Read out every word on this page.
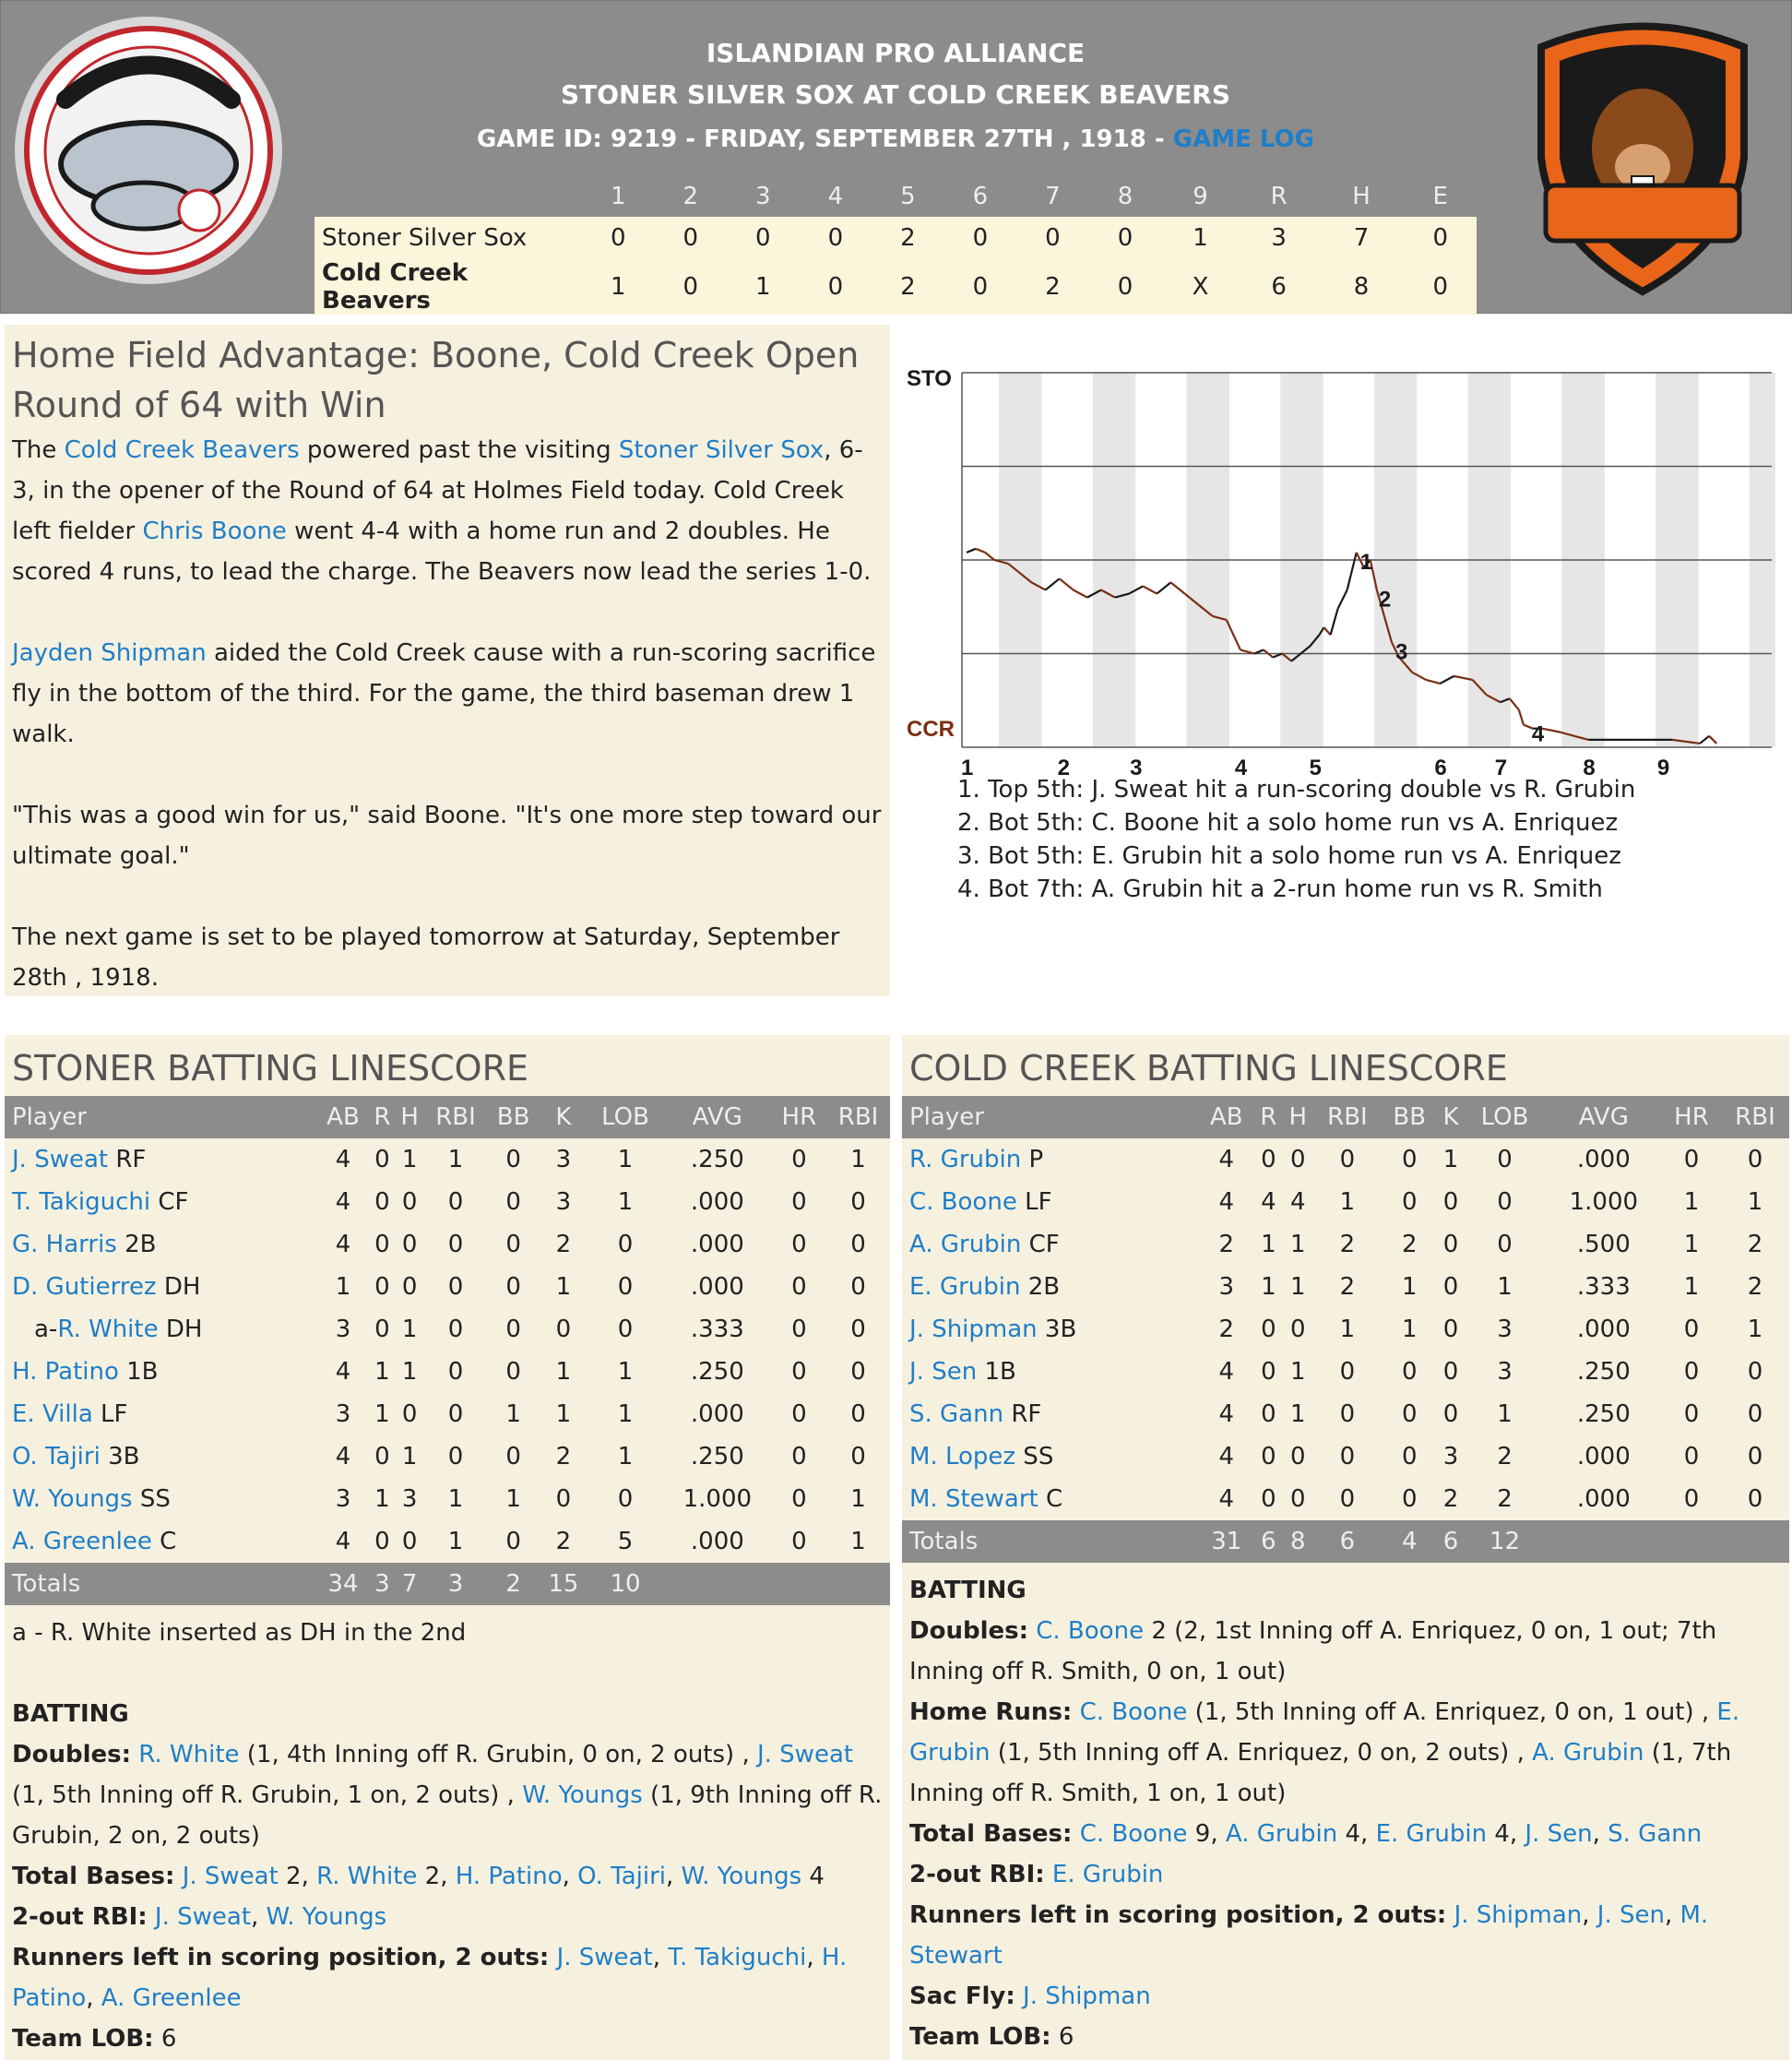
ISLANDIAN PRO ALLIANCE
STONER SILVER SOX AT COLD CREEK BEAVERS
GAME ID: 9219 - FRIDAY, SEPTEMBER 27TH , 1918 - GAME LOG
	1	2	3	4	5	6	7	8	9	R	H	E
Stoner Silver Sox	0	0	0	0	2	0	0	0	1	3	7	0
Cold Creek Beavers	1	0	1	0	2	0	2	0	X	6	8	0
Home Field Advantage: Boone, Cold Creek Open Round of 64 with Win

The Cold Creek Beavers powered past the visiting Stoner Silver Sox, 6-3, in the opener of the Round of 64 at Holmes Field today. Cold Creek left fielder Chris Boone went 4-4 with a home run and 2 doubles. He scored 4 runs, to lead the charge. The Beavers now lead the series 1-0.

Jayden Shipman aided the Cold Creek cause with a run-scoring sacrifice fly in the bottom of the third. For the game, the third baseman drew 1 walk.

"This was a good win for us," said Boone. "It's one more step toward our ultimate goal."

The next game is set to be played tomorrow at Saturday, September 28th , 1918.

STO
CCR
1
2
3
4
1	2	3	4	5	6 7	8	9
1. Top 5th: J. Sweat hit a run-scoring double vs R. Grubin
2. Bot 5th: C. Boone hit a solo home run vs A. Enriquez
3. Bot 5th: E. Grubin hit a solo home run vs A. Enriquez
4. Bot 7th: A. Grubin hit a 2-run home run vs R. Smith
STONER BATTING LINESCORE
Player	AB	R	H	RBI	BB	K	LOB	AVG	HR	RBI
J. Sweat RF	4	0	1	1	0	3	1	.250	0	1
T. Takiguchi CF	4	0	0	0	0	3	1	.000	0	0
G. Harris 2B	4	0	0	0	0	2	0	.000	0	0
D. Gutierrez DH	1	0	0	0	0	1	0	.000	0	0
a-R. White DH	3	0	1	0	0	0	0	.333	0	0
H. Patino 1B	4	1	1	0	0	1	1	.250	0	0
E. Villa LF	3	1	0	0	1	1	1	.000	0	0
O. Tajiri 3B	4	0	1	0	0	2	1	.250	0	0
W. Youngs SS	3	1	3	1	1	0	0	1.000	0	1
A. Greenlee C	4	0	0	1	0	2	5	.000	0	1
Totals	34	3	7	3	2	15	10			
a - R. White inserted as DH in the 2nd
BATTING
Doubles: R. White (1, 4th Inning off R. Grubin, 0 on, 2 outs) , J. Sweat (1, 5th Inning off R. Grubin, 1 on, 2 outs) , W. Youngs (1, 9th Inning off R. Grubin, 2 on, 2 outs)
Total Bases: J. Sweat 2, R. White 2, H. Patino, O. Tajiri, W. Youngs 4
2-out RBI: J. Sweat, W. Youngs
Runners left in scoring position, 2 outs: J. Sweat, T. Takiguchi, H. Patino, A. Greenlee
Team LOB: 6
COLD CREEK BATTING LINESCORE
Player	AB	R	H	RBI	BB	K	LOB	AVG	HR	RBI
R. Grubin P	4	0	0	0	0	1	0	.000	0	0
C. Boone LF	4	4	4	1	0	0	0	1.000	1	1
A. Grubin CF	2	1	1	2	2	0	0	.500	1	2
E. Grubin 2B	3	1	1	2	1	0	1	.333	1	2
J. Shipman 3B	2	0	0	1	1	0	3	.000	0	1
J. Sen 1B	4	0	1	0	0	0	3	.250	0	0
S. Gann RF	4	0	1	0	0	0	1	.250	0	0
M. Lopez SS	4	0	0	0	0	3	2	.000	0	0
M. Stewart C	4	0	0	0	0	2	2	.000	0	0
Totals	31	6	8	6	4	6	12			
BATTING
Doubles: C. Boone 2 (2, 1st Inning off A. Enriquez, 0 on, 1 out; 7th Inning off R. Smith, 0 on, 1 out)
Home Runs: C. Boone (1, 5th Inning off A. Enriquez, 0 on, 1 out) , E. Grubin (1, 5th Inning off A. Enriquez, 0 on, 2 outs) , A. Grubin (1, 7th Inning off R. Smith, 1 on, 1 out)
Total Bases: C. Boone 9, A. Grubin 4, E. Grubin 4, J. Sen, S. Gann
2-out RBI: E. Grubin
Runners left in scoring position, 2 outs: J. Shipman, J. Sen, M. Stewart
Sac Fly: J. Shipman
Team LOB: 6
